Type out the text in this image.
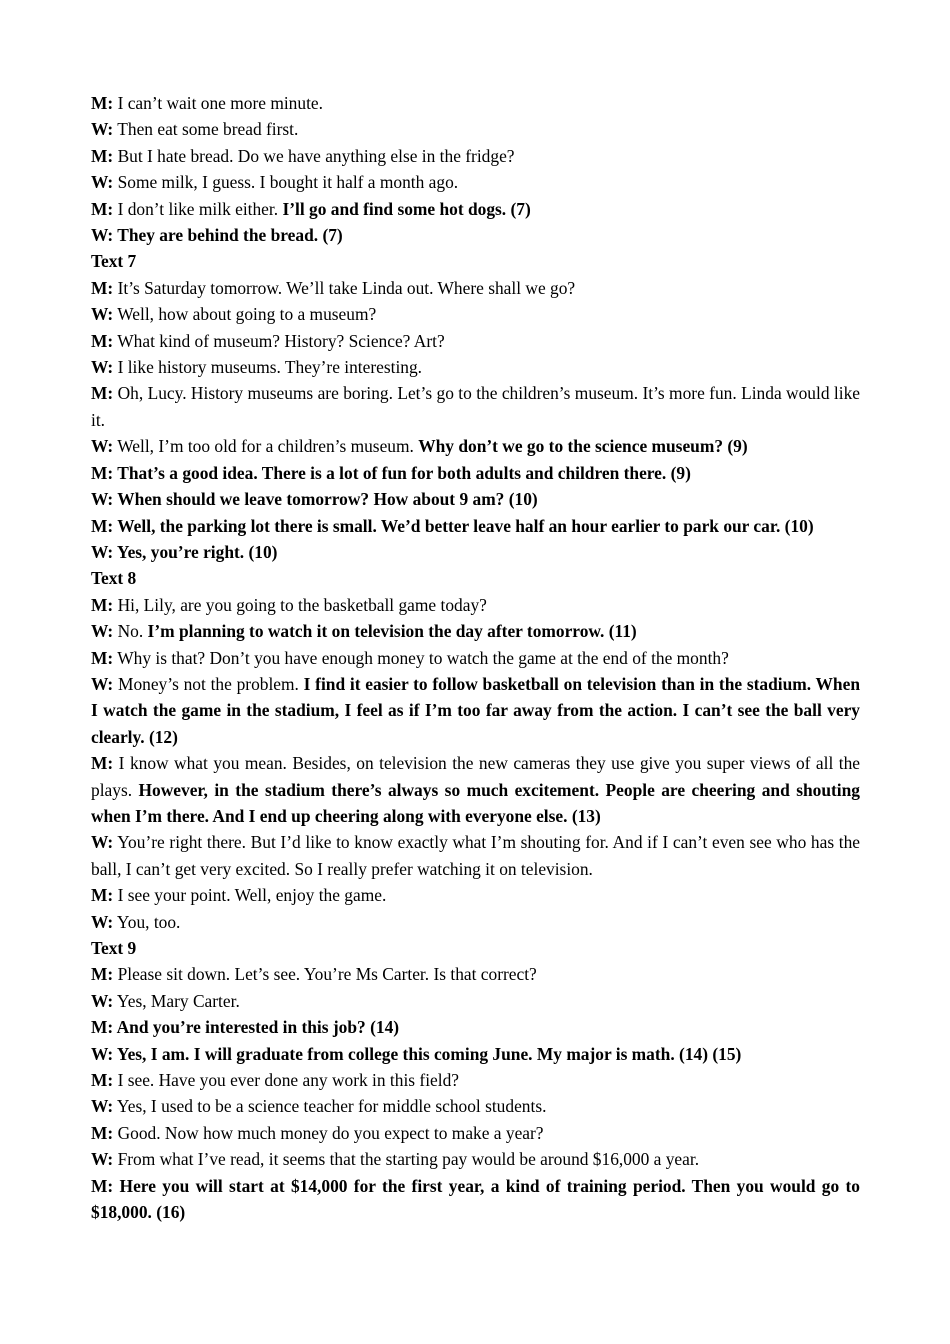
M: I can’t wait one more minute.

W: Then eat some bread first.

M: But I hate bread. Do we have anything else in the fridge?

W: Some milk, I guess. I bought it half a month ago.

M: I don’t like milk either. I’ll go and find some hot dogs. (7)

W: They are behind the bread. (7)

Text 7

M: It’s Saturday tomorrow. We’ll take Linda out. Where shall we go?

W: Well, how about going to a museum?

M: What kind of museum? History? Science? Art?

W: I like history museums. They’re interesting.

M: Oh, Lucy. History museums are boring. Let’s go to the children’s museum. It’s more fun. Linda would like it.

W: Well, I’m too old for a children’s museum. Why don’t we go to the science museum? (9)

M: That’s a good idea. There is a lot of fun for both adults and children there. (9)

W: When should we leave tomorrow? How about 9 am? (10)

M: Well, the parking lot there is small. We’d better leave half an hour earlier to park our car. (10)

W: Yes, you’re right. (10)

Text 8

M: Hi, Lily, are you going to the basketball game today?

W: No. I’m planning to watch it on television the day after tomorrow. (11)

M: Why is that? Don’t you have enough money to watch the game at the end of the month?

W: Money’s not the problem. I find it easier to follow basketball on television than in the stadium. When I watch the game in the stadium, I feel as if I’m too far away from the action. I can’t see the ball very clearly. (12)

M: I know what you mean. Besides, on television the new cameras they use give you super views of all the plays. However, in the stadium there’s always so much excitement. People are cheering and shouting when I’m there. And I end up cheering along with everyone else. (13)

W: You’re right there. But I’d like to know exactly what I’m shouting for. And if I can’t even see who has the ball, I can’t get very excited. So I really prefer watching it on television.

M: I see your point. Well, enjoy the game.

W: You, too.

Text 9

M: Please sit down. Let’s see. You’re Ms Carter. Is that correct?

W: Yes, Mary Carter.

M: And you’re interested in this job? (14)

W: Yes, I am. I will graduate from college this coming June. My major is math. (14) (15)

M: I see. Have you ever done any work in this field?

W: Yes, I used to be a science teacher for middle school students.

M: Good. Now how much money do you expect to make a year?

W: From what I’ve read, it seems that the starting pay would be around $16,000 a year.

M: Here you will start at $14,000 for the first year, a kind of training period. Then you would go to $18,000. (16)
